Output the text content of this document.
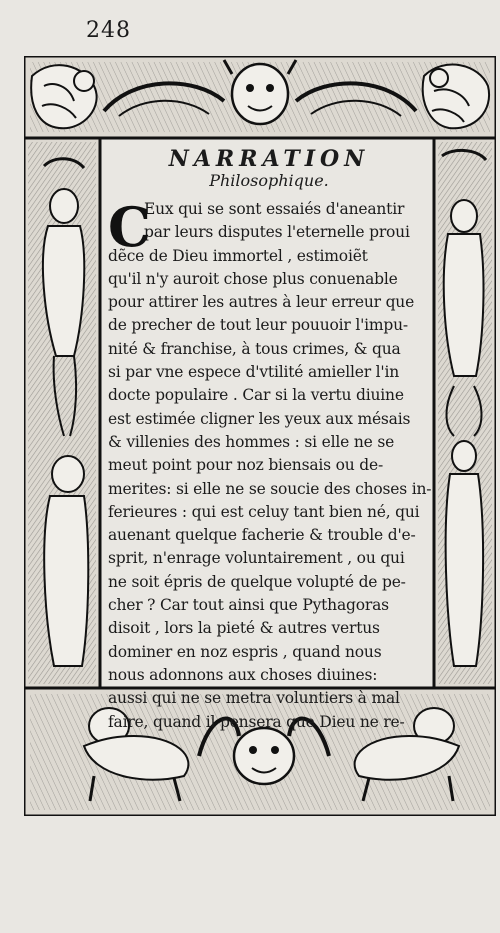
248
NARRATION
Philosophique.
C
Eux qui se sont essaiés d'aneantir
par leurs disputes l'eternelle proui
dẽce de Dieu immortel , estimoiẽt
qu'il n'y auroit chose plus conuenable
pour attirer les autres à leur erreur que
de precher de tout leur pouuoir l'impu-
nité & franchise, à tous crimes, & qua
si par vne espece d'vtilité amieller l'in
docte populaire . Car si la vertu diuine
est estimée cligner les yeux aux mésais
& villenies des hommes : si elle ne se
meut point pour noz biensais ou de-
merites: si elle ne se soucie des choses in-
ferieures : qui est celuy tant bien né, qui
auenant quelque facherie & trouble d'e-
sprit, n'enrage voluntairement , ou qui
ne soit épris de quelque volupté de pe-
cher ? Car tout ainsi que Pythagoras
disoit , lors la pieté & autres vertus
dominer en noz espris , quand nous
nous adonnons aux choses diuines:
aussi qui ne se metra voluntiers à mal
faire, quand il pensera que Dieu ne re-
